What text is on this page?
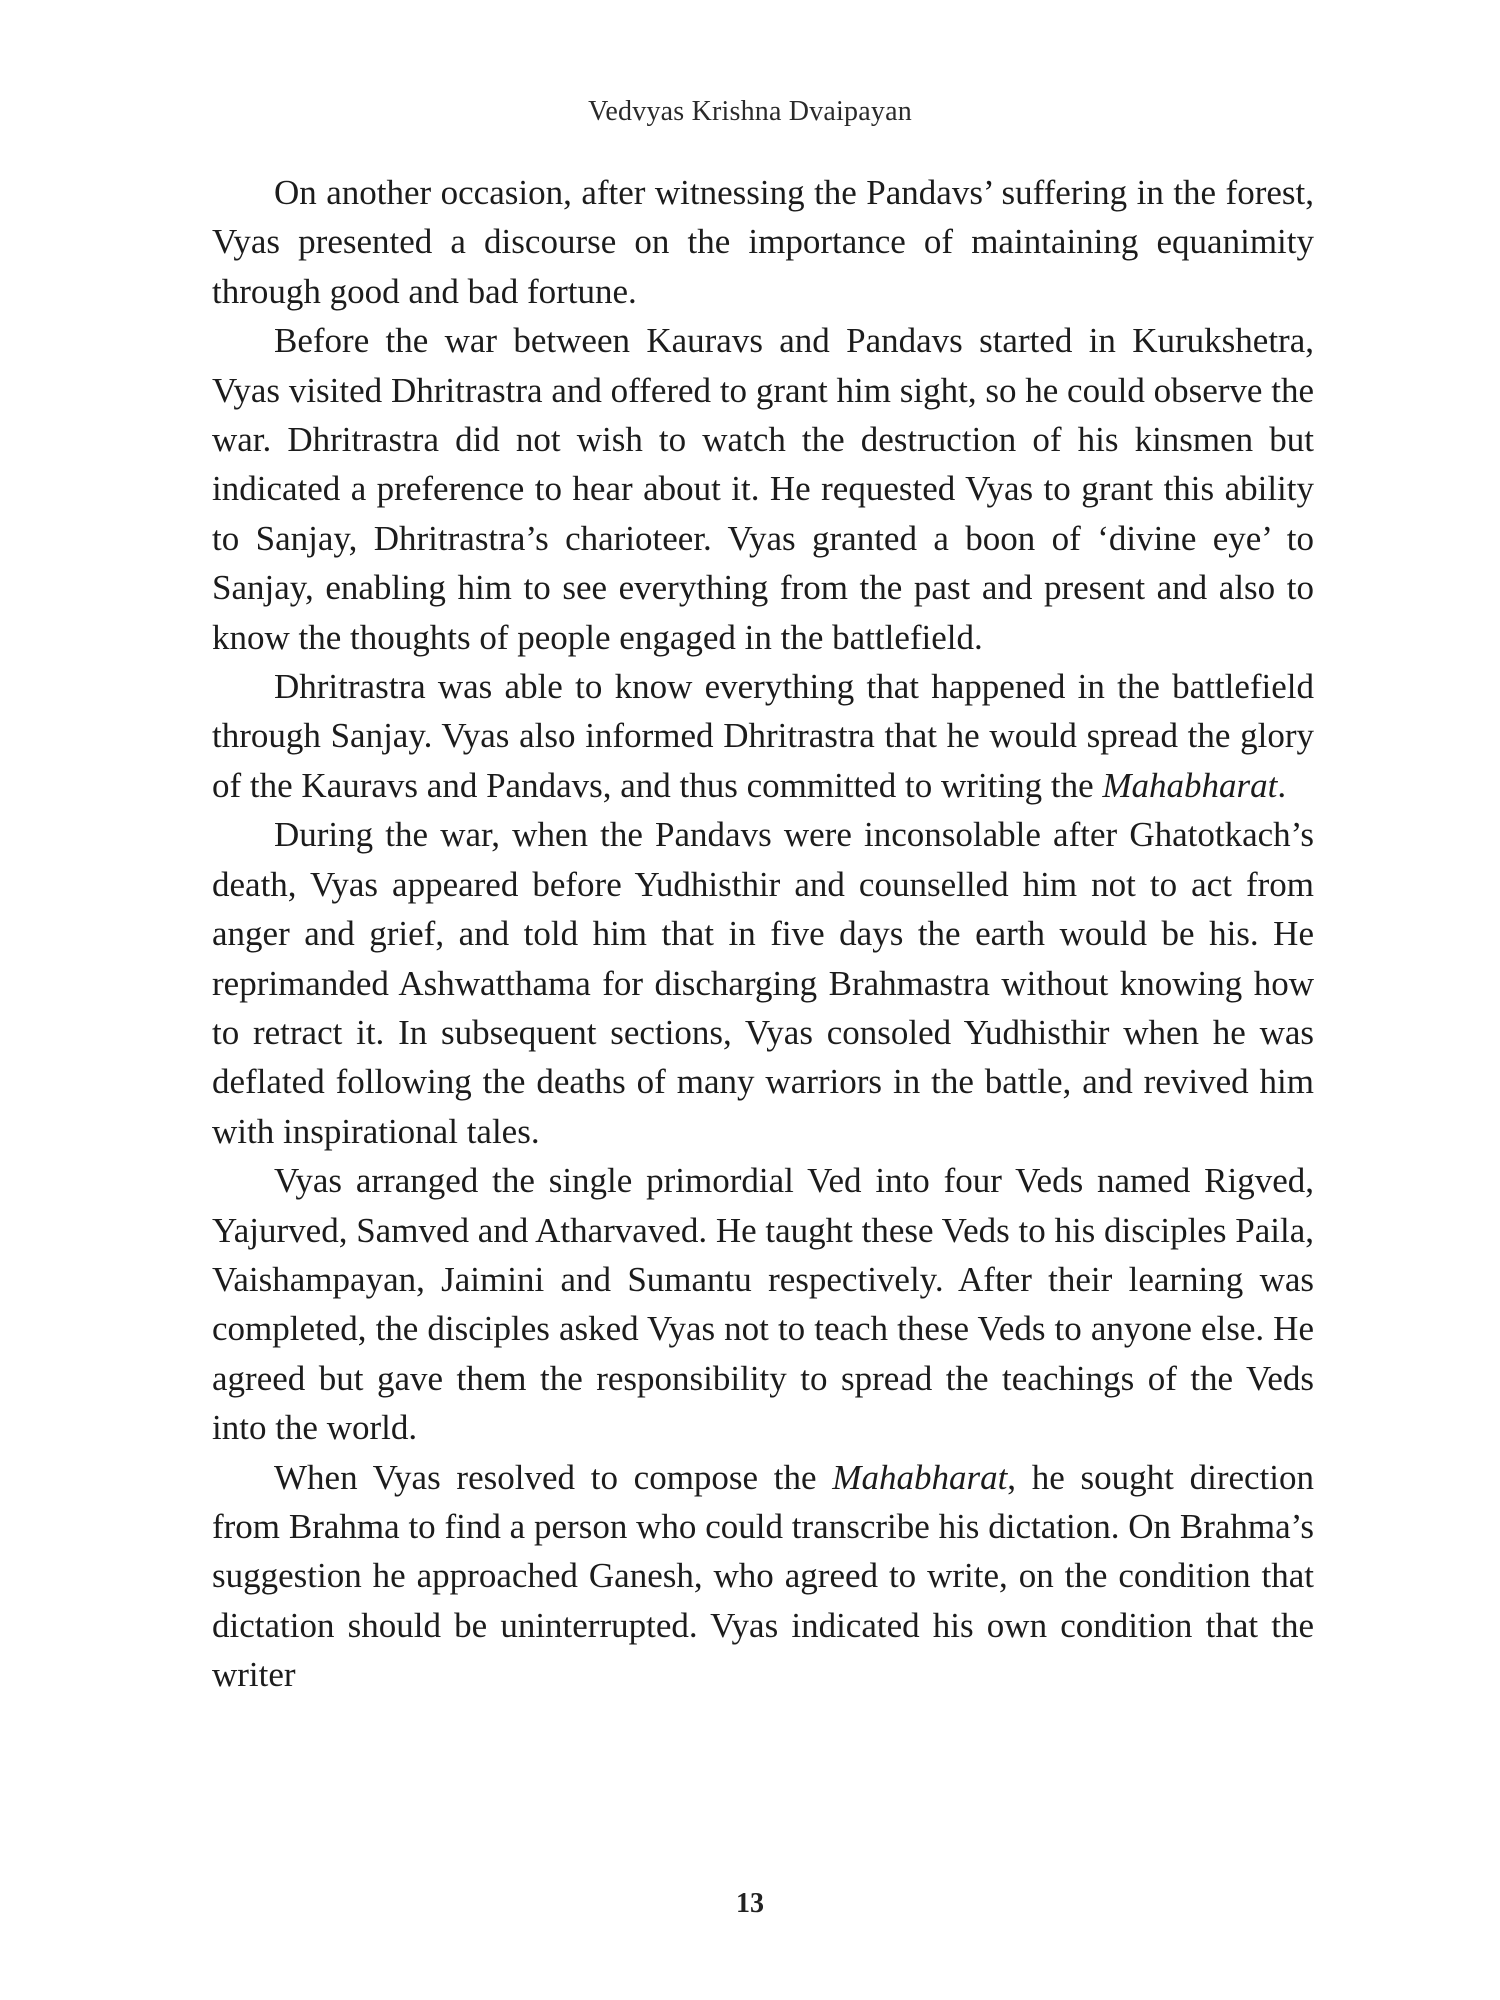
Vedvyas Krishna Dvaipayan

On another occasion, after witnessing the Pandavs’ suffering in the forest, Vyas presented a discourse on the importance of maintaining equanimity through good and bad fortune.

Before the war between Kauravs and Pandavs started in Kurukshetra, Vyas visited Dhritrastra and offered to grant him sight, so he could observe the war. Dhritrastra did not wish to watch the destruction of his kinsmen but indicated a preference to hear about it. He requested Vyas to grant this ability to Sanjay, Dhritrastra’s charioteer. Vyas granted a boon of ‘divine eye’ to Sanjay, enabling him to see everything from the past and present and also to know the thoughts of people engaged in the battlefield.

Dhritrastra was able to know everything that happened in the battlefield through Sanjay. Vyas also informed Dhritrastra that he would spread the glory of the Kauravs and Pandavs, and thus committed to writing the Mahabharat.

During the war, when the Pandavs were inconsolable after Ghatotkach’s death, Vyas appeared before Yudhisthir and counselled him not to act from anger and grief, and told him that in five days the earth would be his. He reprimanded Ashwatthama for discharging Brahmastra without knowing how to retract it. In subsequent sections, Vyas consoled Yudhisthir when he was deflated following the deaths of many warriors in the battle, and revived him with inspirational tales.

Vyas arranged the single primordial Ved into four Veds named Rigved, Yajurved, Samved and Atharvaved. He taught these Veds to his disciples Paila, Vaishampayan, Jaimini and Sumantu respectively. After their learning was completed, the disciples asked Vyas not to teach these Veds to anyone else. He agreed but gave them the responsibility to spread the teachings of the Veds into the world.

When Vyas resolved to compose the Mahabharat, he sought direction from Brahma to find a person who could transcribe his dictation. On Brahma’s suggestion he approached Ganesh, who agreed to write, on the condition that dictation should be uninterrupted. Vyas indicated his own condition that the writer

13
